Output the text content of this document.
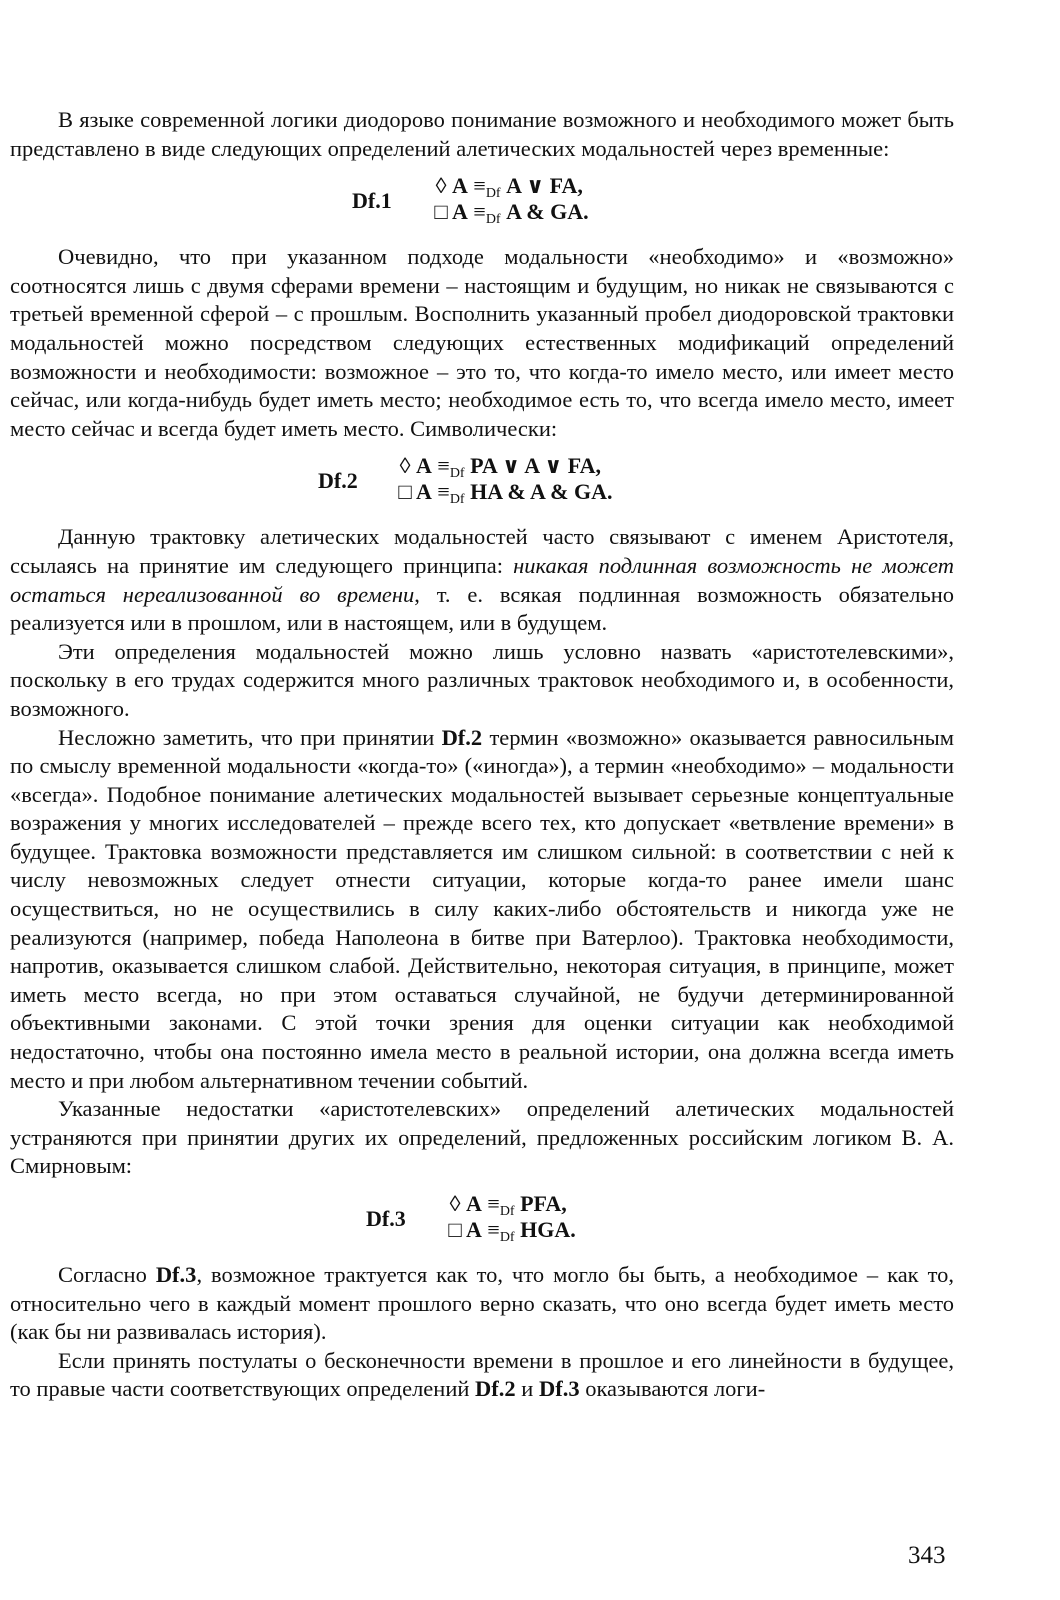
В языке современной логики диодорово понимание возможного и необходимого может быть представлено в виде следующих определений алетических модальностей через временные:

Df.1
◊ A ≡Df A ∨ FA,
□ A ≡Df A & GA.

Очевидно, что при указанном подходе модальности «необходимо» и «возможно» соотносятся лишь с двумя сферами времени – настоящим и будущим, но никак не связываются с третьей временной сферой – с прошлым. Восполнить указанный пробел диодоровской трактовки модальностей можно посредством следующих естественных модификаций определений возможности и необходимости: возможное – это то, что когда-то имело место, или имеет место сейчас, или когда-нибудь будет иметь место; необходимое есть то, что всегда имело место, имеет место сейчас и всегда будет иметь место. Символически:

Df.2
◊ A ≡Df PA ∨ A ∨ FA,
□ A ≡Df HA & A & GA.

Данную трактовку алетических модальностей часто связывают с именем Аристотеля, ссылаясь на принятие им следующего принципа: никакая подлинная возможность не может остаться нереализованной во времени, т. е. всякая подлинная возможность обязательно реализуется или в прошлом, или в настоящем, или в будущем.

Эти определения модальностей можно лишь условно назвать «аристотелевскими», поскольку в его трудах содержится много различных трактовок необходимого и, в особенности, возможного.

Несложно заметить, что при принятии Df.2 термин «возможно» оказывается равносильным по смыслу временной модальности «когда-то» («иногда»), а термин «необходимо» – модальности «всегда». Подобное понимание алетических модальностей вызывает серьезные концептуальные возражения у многих исследователей – прежде всего тех, кто допускает «ветвление времени» в будущее. Трактовка возможности представляется им слишком сильной: в соответствии с ней к числу невозможных следует отнести ситуации, которые когда-то ранее имели шанс осуществиться, но не осуществились в силу каких-либо обстоятельств и никогда уже не реализуются (например, победа Наполеона в битве при Ватерлоо). Трактовка необходимости, напротив, оказывается слишком слабой. Действительно, некоторая ситуация, в принципе, может иметь место всегда, но при этом оставаться случайной, не будучи детерминированной объективными законами. С этой точки зрения для оценки ситуации как необходимой недостаточно, чтобы она постоянно имела место в реальной истории, она должна всегда иметь место и при любом альтернативном течении событий.

Указанные недостатки «аристотелевских» определений алетических модальностей устраняются при принятии других их определений, предложенных российским логиком В. А. Смирновым:

Df.3
◊ A ≡Df PFA,
□ A ≡Df HGA.

Согласно Df.3, возможное трактуется как то, что могло бы быть, а необходимое – как то, относительно чего в каждый момент прошлого верно сказать, что оно всегда будет иметь место (как бы ни развивалась история).

Если принять постулаты о бесконечности времени в прошлое и его линейности в будущее, то правые части соответствующих определений Df.2 и Df.3 оказываются логи-

343
